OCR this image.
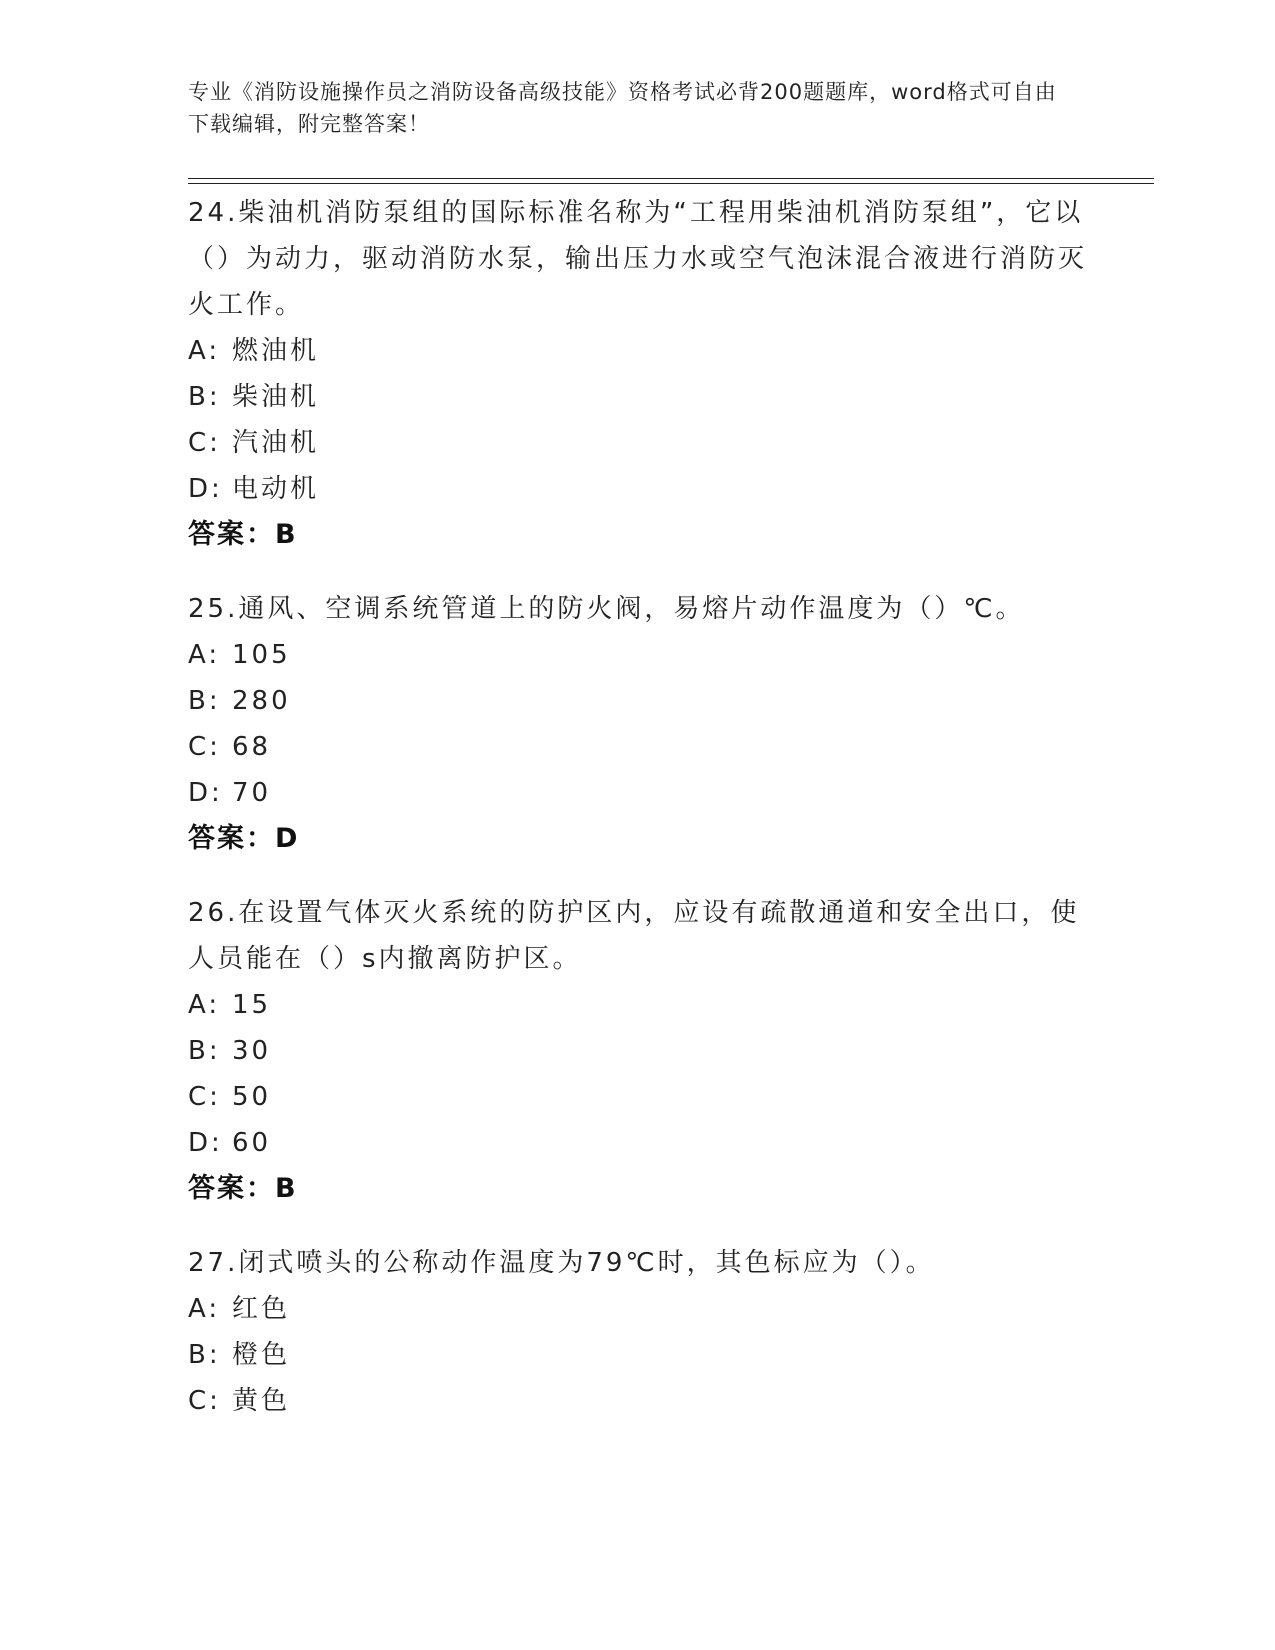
专业《消防设施操作员之消防设备高级技能》资格考试必背200题题库，word格式可自由下载编辑，附完整答案！

24.柴油机消防泵组的国际标准名称为“工程用柴油机消防泵组”，它以（）为动力，驱动消防水泵，输出压力水或空气泡沫混合液进行消防灭火工作。

A: 燃油机

B: 柴油机

C: 汽油机

D: 电动机

答案：B

25.通风、空调系统管道上的防火阀，易熔片动作温度为（）℃。

A: 105

B: 280

C: 68

D: 70

答案：D

26.在设置气体灭火系统的防护区内，应设有疏散通道和安全出口，使人员能在（）s内撤离防护区。

A: 15

B: 30

C: 50

D: 60

答案：B

27.闭式喷头的公称动作温度为79℃时，其色标应为（）。

A: 红色

B: 橙色

C: 黄色
